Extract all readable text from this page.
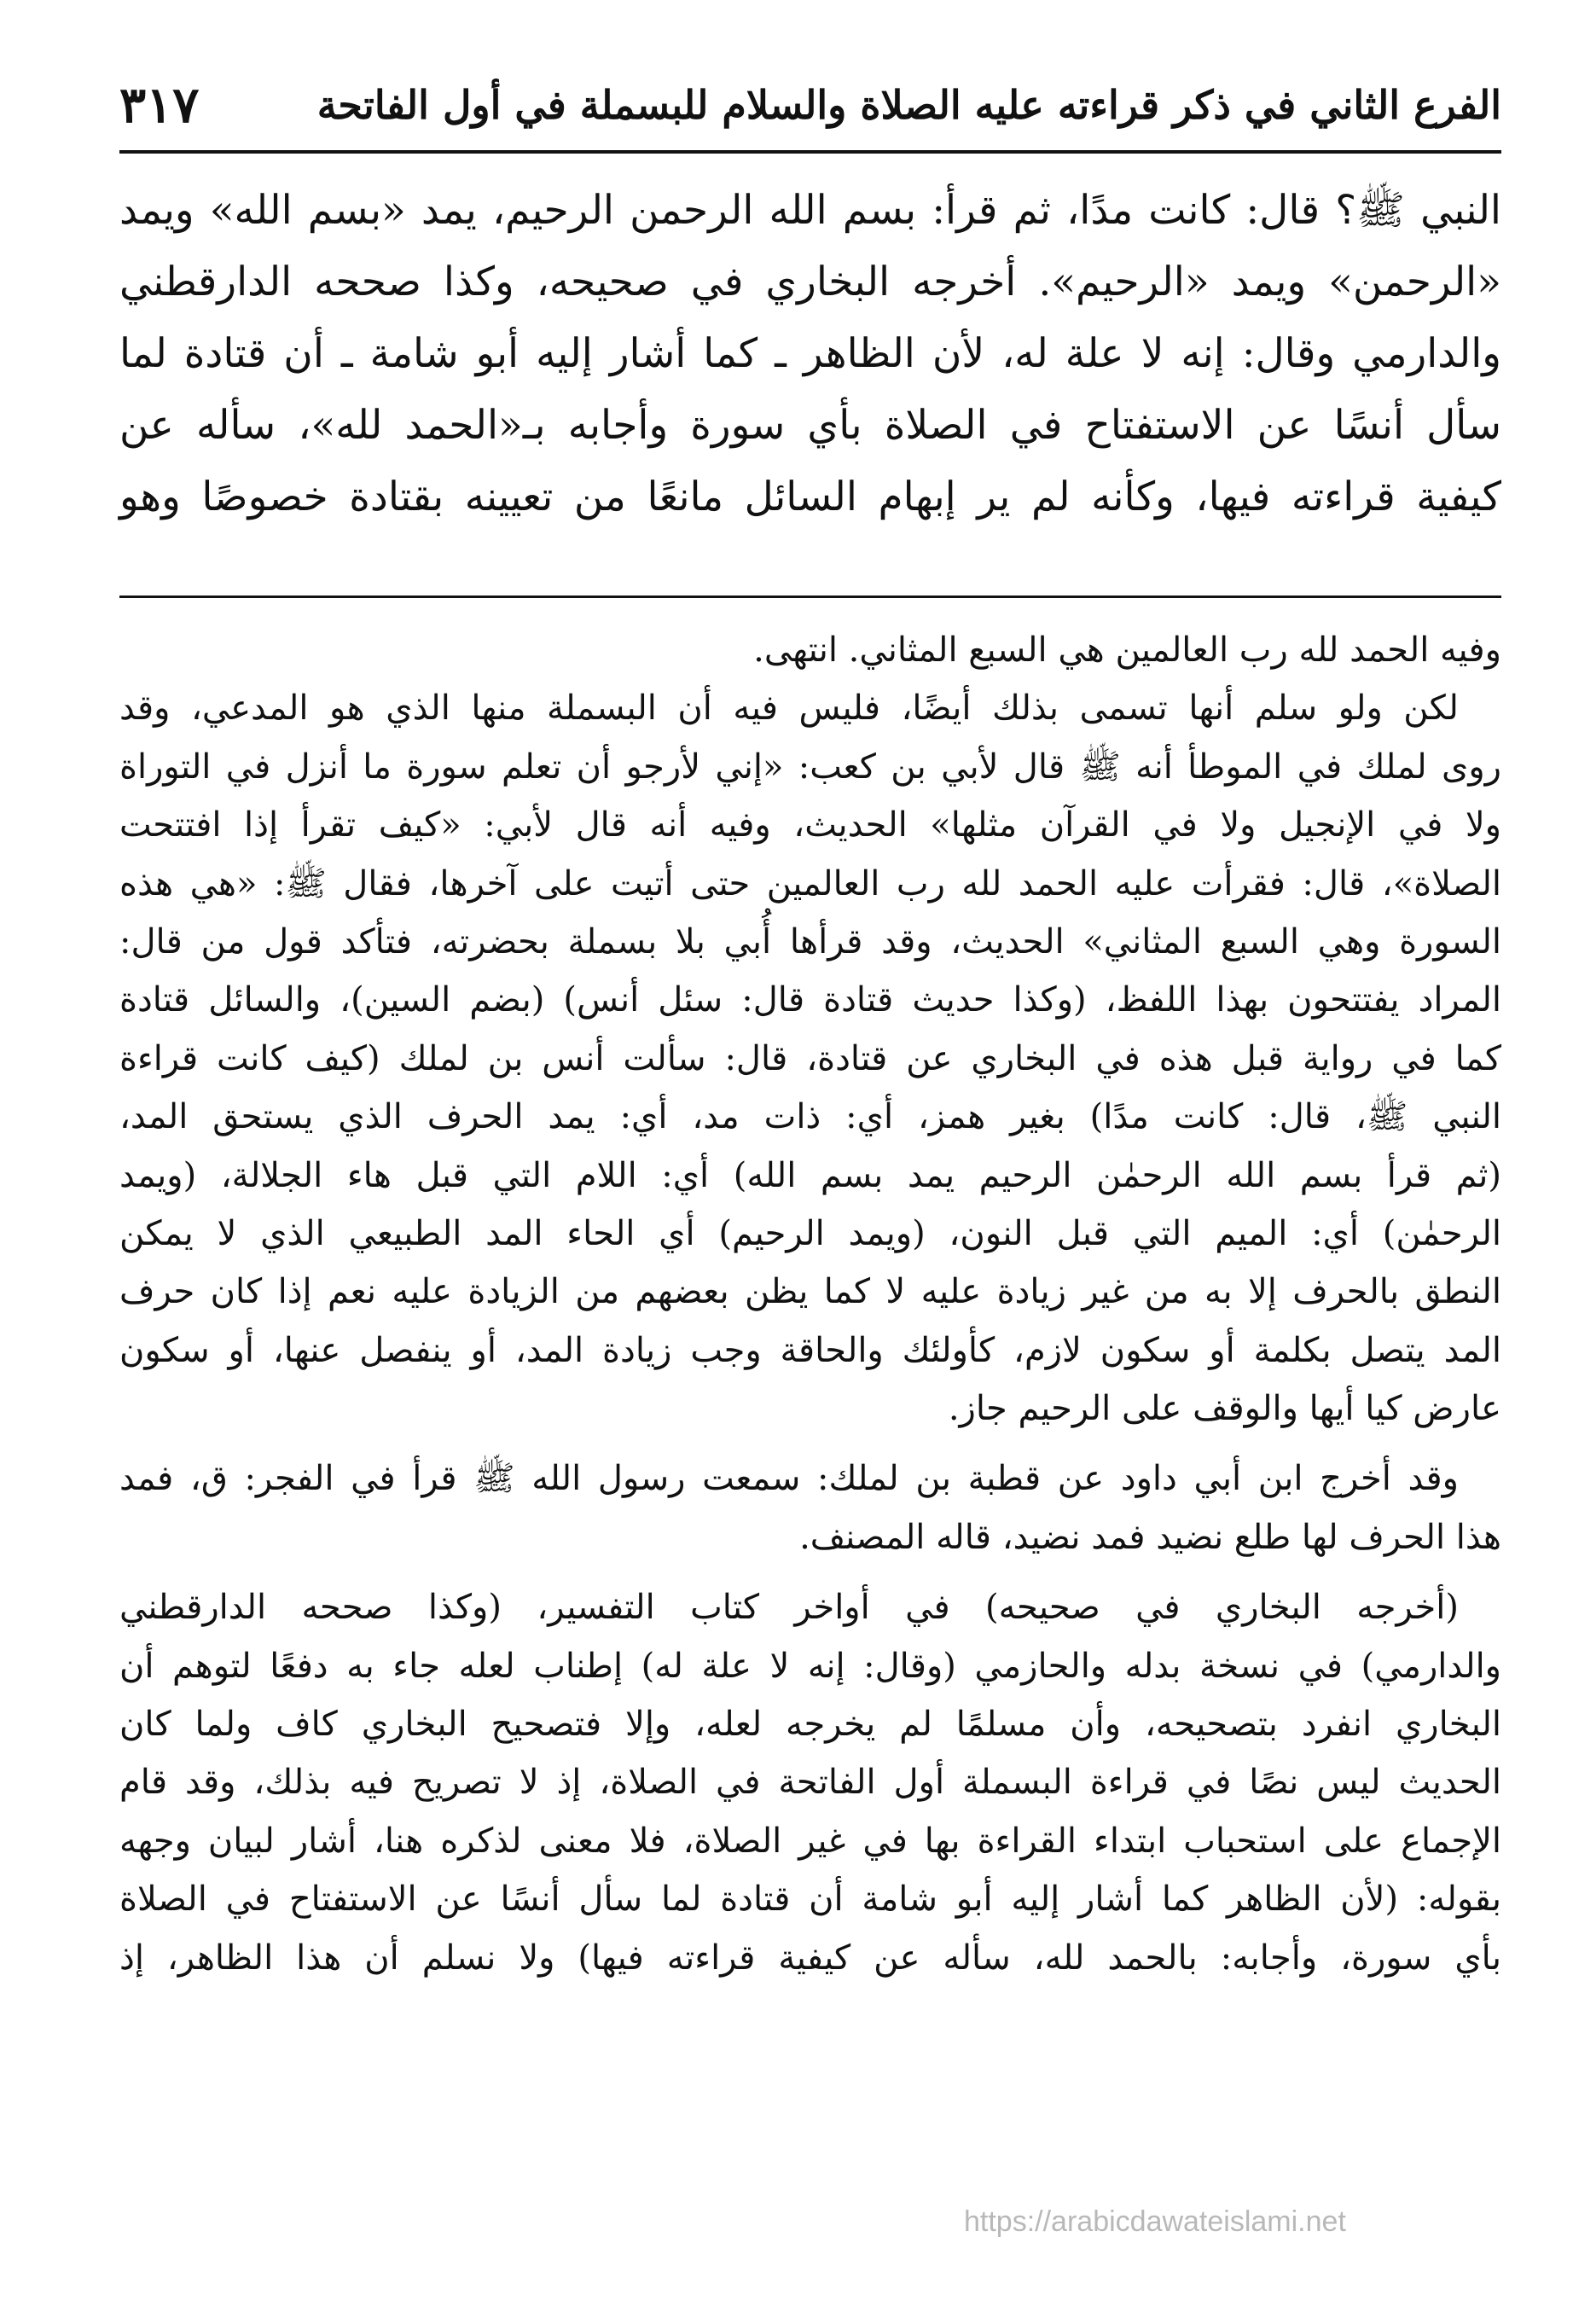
الفرع الثاني في ذكر قراءته عليه الصلاة والسلام للبسملة في أول الفاتحة
٣١٧
النبي ﷺ؟ قال: كانت مدًا، ثم قرأ: بسم الله الرحمن الرحيم، يمد «بسم الله» ويمد
«الرحمن» ويمد «الرحيم». أخرجه البخاري في صحيحه، وكذا صححه الدارقطني
والدارمي وقال: إنه لا علة له، لأن الظاهر ـ كما أشار إليه أبو شامة ـ أن قتادة لما
سأل أنسًا عن الاستفتاح في الصلاة بأي سورة وأجابه بـ«الحمد لله»، سأله عن
كيفية قراءته فيها، وكأنه لم ير إبهام السائل مانعًا من تعيينه بقتادة خصوصًا وهو
وفيه الحمد لله رب العالمين هي السبع المثاني. انتهى.
لكن ولو سلم أنها تسمى بذلك أيضًا، فليس فيه أن البسملة منها الذي هو المدعي، وقد
روى لملك في الموطأ أنه ﷺ قال لأبي بن كعب: «إني لأرجو أن تعلم سورة ما أنزل في التوراة
ولا في الإنجيل ولا في القرآن مثلها» الحديث، وفيه أنه قال لأبي: «كيف تقرأ إذا افتتحت
الصلاة»، قال: فقرأت عليه الحمد لله رب العالمين حتى أتيت على آخرها، فقال ﷺ: «هي هذه
السورة وهي السبع المثاني» الحديث، وقد قرأها أُبي بلا بسملة بحضرته، فتأكد قول من قال:
المراد يفتتحون بهذا اللفظ، (وكذا حديث قتادة قال: سئل أنس) (بضم السين)، والسائل قتادة
كما في رواية قبل هذه في البخاري عن قتادة، قال: سألت أنس بن لملك (كيف كانت قراءة
النبي ﷺ، قال: كانت مدًا) بغير همز، أي: ذات مد، أي: يمد الحرف الذي يستحق المد،
(ثم قرأ بسم الله الرحمٰن الرحيم يمد بسم الله) أي: اللام التي قبل هاء الجلالة، (ويمد
الرحمٰن) أي: الميم التي قبل النون، (ويمد الرحيم) أي الحاء المد الطبيعي الذي لا يمكن
النطق بالحرف إلا به من غير زيادة عليه لا كما يظن بعضهم من الزيادة عليه نعم إذا كان حرف
المد يتصل بكلمة أو سكون لازم، كأولئك والحاقة وجب زيادة المد، أو ينفصل عنها، أو سكون
عارض كيا أيها والوقف على الرحيم جاز.
وقد أخرج ابن أبي داود عن قطبة بن لملك: سمعت رسول الله ﷺ قرأ في الفجر: ق، فمد
هذا الحرف لها طلع نضيد فمد نضيد، قاله المصنف.
(أخرجه البخاري في صحيحه) في أواخر كتاب التفسير، (وكذا صححه الدارقطني
والدارمي) في نسخة بدله والحازمي (وقال: إنه لا علة له) إطناب لعله جاء به دفعًا لتوهم أن
البخاري انفرد بتصحيحه، وأن مسلمًا لم يخرجه لعله، وإلا فتصحيح البخاري كاف ولما كان
الحديث ليس نصًا في قراءة البسملة أول الفاتحة في الصلاة، إذ لا تصريح فيه بذلك، وقد قام
الإجماع على استحباب ابتداء القراءة بها في غير الصلاة، فلا معنى لذكره هنا، أشار لبيان وجهه
بقوله: (لأن الظاهر كما أشار إليه أبو شامة أن قتادة لما سأل أنسًا عن الاستفتاح في الصلاة
بأي سورة، وأجابه: بالحمد لله، سأله عن كيفية قراءته فيها) ولا نسلم أن هذا الظاهر، إذ
https://arabicdawateislami.net
